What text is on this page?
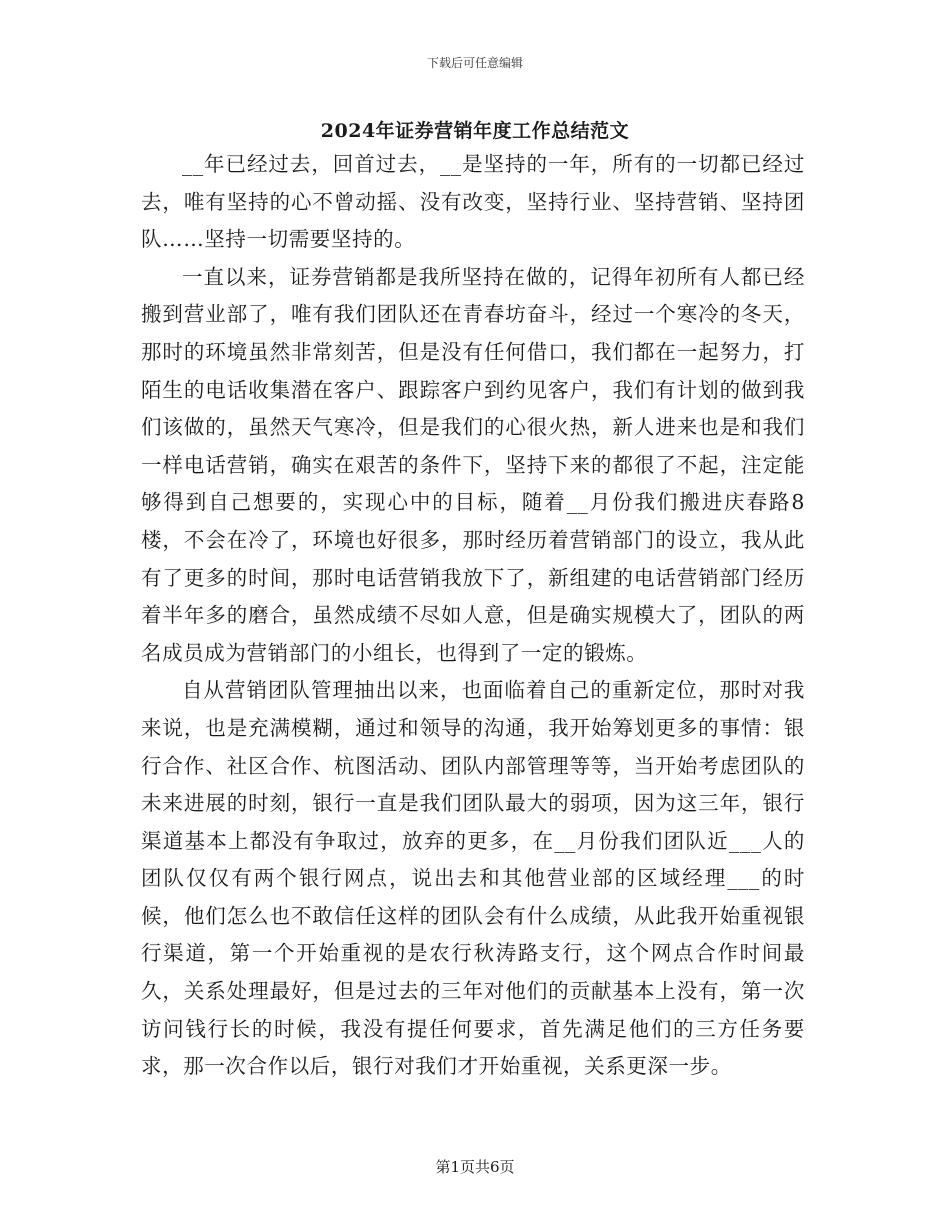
下载后可任意编辑
2024年证券营销年度工作总结范文

__年已经过去，回首过去，__是坚持的一年，所有的一切都已经过去，唯有坚持的心不曾动摇、没有改变，坚持行业、坚持营销、坚持团队……坚持一切需要坚持的。

一直以来，证券营销都是我所坚持在做的，记得年初所有人都已经搬到营业部了，唯有我们团队还在青春坊奋斗，经过一个寒冷的冬天，那时的环境虽然非常刻苦，但是没有任何借口，我们都在一起努力，打陌生的电话收集潜在客户、跟踪客户到约见客户，我们有计划的做到我们该做的，虽然天气寒冷，但是我们的心很火热，新人进来也是和我们一样电话营销，确实在艰苦的条件下，坚持下来的都很了不起，注定能够得到自己想要的，实现心中的目标，随着__月份我们搬进庆春路8楼，不会在冷了，环境也好很多，那时经历着营销部门的设立，我从此有了更多的时间，那时电话营销我放下了，新组建的电话营销部门经历着半年多的磨合，虽然成绩不尽如人意，但是确实规模大了，团队的两名成员成为营销部门的小组长，也得到了一定的锻炼。

自从营销团队管理抽出以来，也面临着自己的重新定位，那时对我来说，也是充满模糊，通过和领导的沟通，我开始筹划更多的事情：银行合作、社区合作、杭图活动、团队内部管理等等，当开始考虑团队的未来进展的时刻，银行一直是我们团队最大的弱项，因为这三年，银行渠道基本上都没有争取过，放弃的更多，在__月份我们团队近___人的团队仅仅有两个银行网点，说出去和其他营业部的区域经理___的时候，他们怎么也不敢信任这样的团队会有什么成绩，从此我开始重视银行渠道，第一个开始重视的是农行秋涛路支行，这个网点合作时间最久，关系处理最好，但是过去的三年对他们的贡献基本上没有，第一次访问钱行长的时候，我没有提任何要求，首先满足他们的三方任务要求，那一次合作以后，银行对我们才开始重视，关系更深一步。

第1页共6页
